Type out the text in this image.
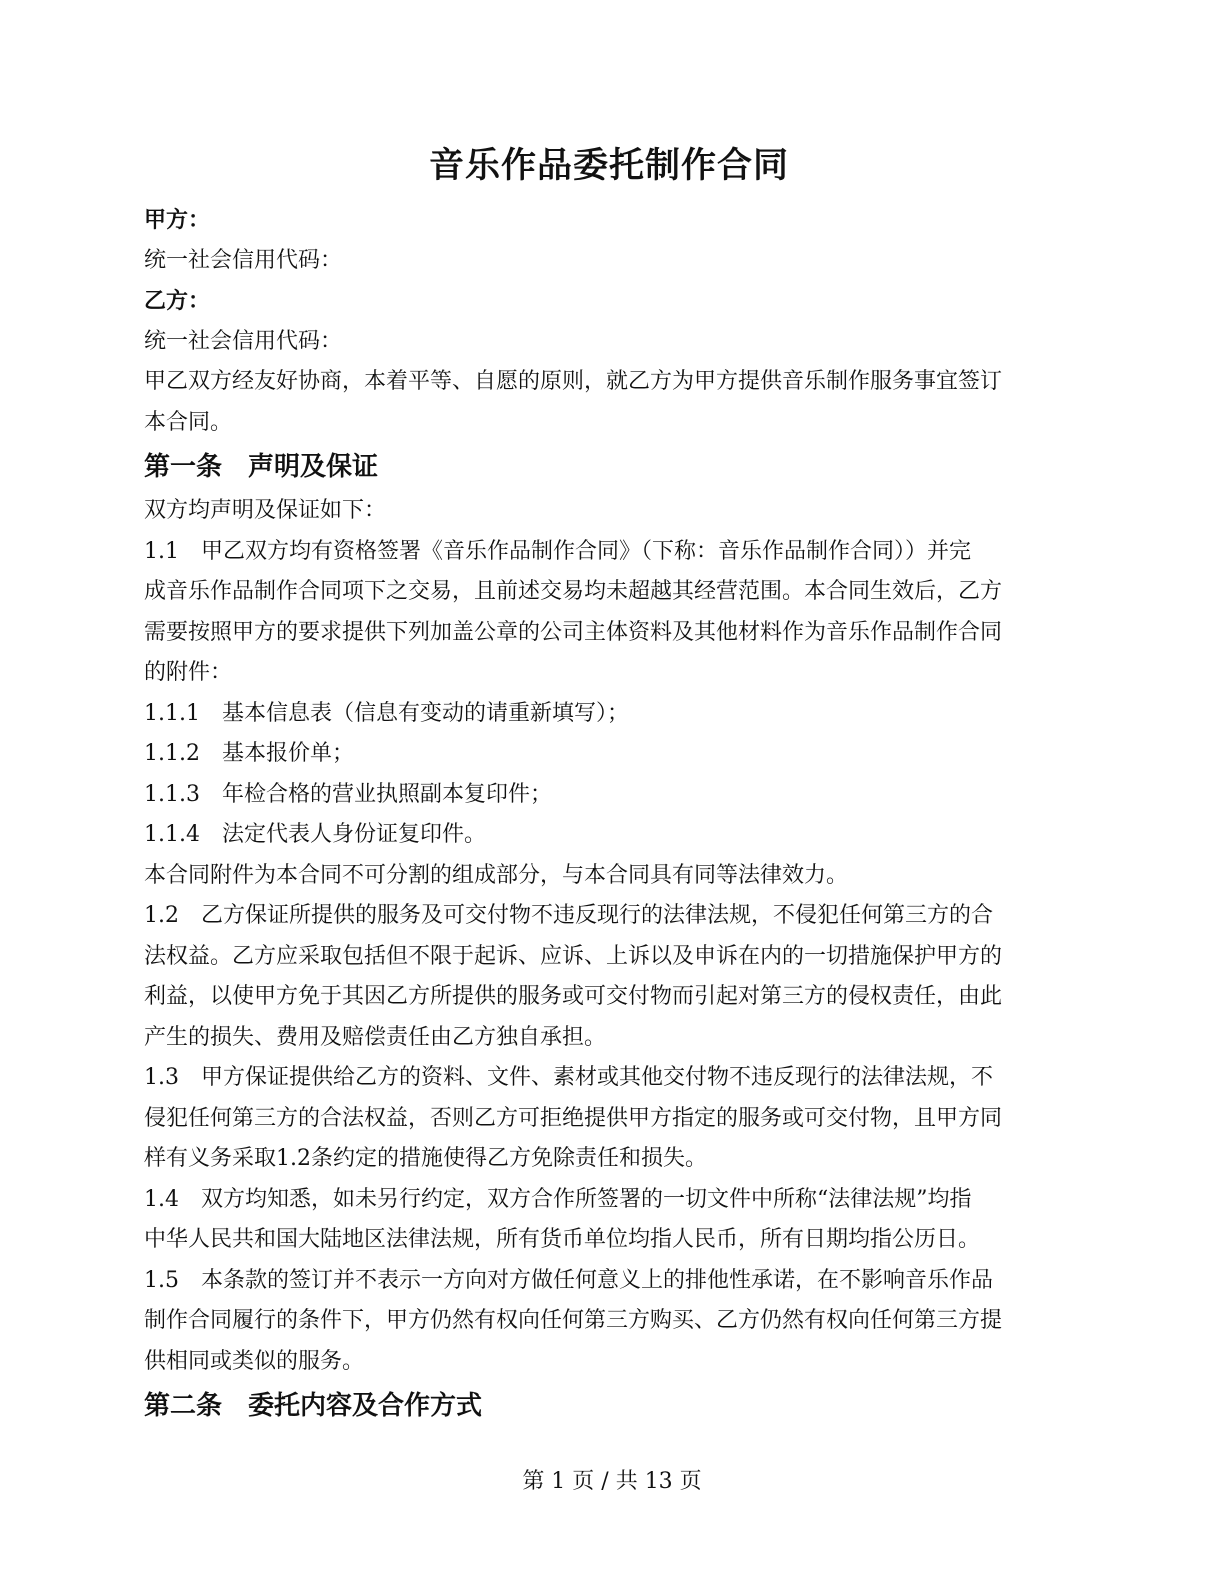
音乐作品委托制作合同

甲方：

统一社会信用代码：

乙方：

统一社会信用代码：

甲乙双方经友好协商，本着平等、自愿的原则，就乙方为甲方提供音乐制作服务事宜签订

本合同。

第一条　声明及保证

双方均声明及保证如下：

1.1　甲乙双方均有资格签署《音乐作品制作合同》（下称：音乐作品制作合同））并完

成音乐作品制作合同项下之交易，且前述交易均未超越其经营范围。本合同生效后，乙方

需要按照甲方的要求提供下列加盖公章的公司主体资料及其他材料作为音乐作品制作合同

的附件：

1.1.1　基本信息表（信息有变动的请重新填写）；

1.1.2　基本报价单；

1.1.3　年检合格的营业执照副本复印件；

1.1.4　法定代表人身份证复印件。

本合同附件为本合同不可分割的组成部分，与本合同具有同等法律效力。

1.2　乙方保证所提供的服务及可交付物不违反现行的法律法规，不侵犯任何第三方的合

法权益。乙方应采取包括但不限于起诉、应诉、上诉以及申诉在内的一切措施保护甲方的

利益，以使甲方免于其因乙方所提供的服务或可交付物而引起对第三方的侵权责任，由此

产生的损失、费用及赔偿责任由乙方独自承担。

1.3　甲方保证提供给乙方的资料、文件、素材或其他交付物不违反现行的法律法规，不

侵犯任何第三方的合法权益，否则乙方可拒绝提供甲方指定的服务或可交付物，且甲方同

样有义务采取1.2条约定的措施使得乙方免除责任和损失。

1.4　双方均知悉，如未另行约定，双方合作所签署的一切文件中所称“法律法规”均指

中华人民共和国大陆地区法律法规，所有货币单位均指人民币，所有日期均指公历日。

1.5　本条款的签订并不表示一方向对方做任何意义上的排他性承诺，在不影响音乐作品

制作合同履行的条件下，甲方仍然有权向任何第三方购买、乙方仍然有权向任何第三方提

供相同或类似的服务。

第二条　委托内容及合作方式
第 1 页 / 共 13 页
